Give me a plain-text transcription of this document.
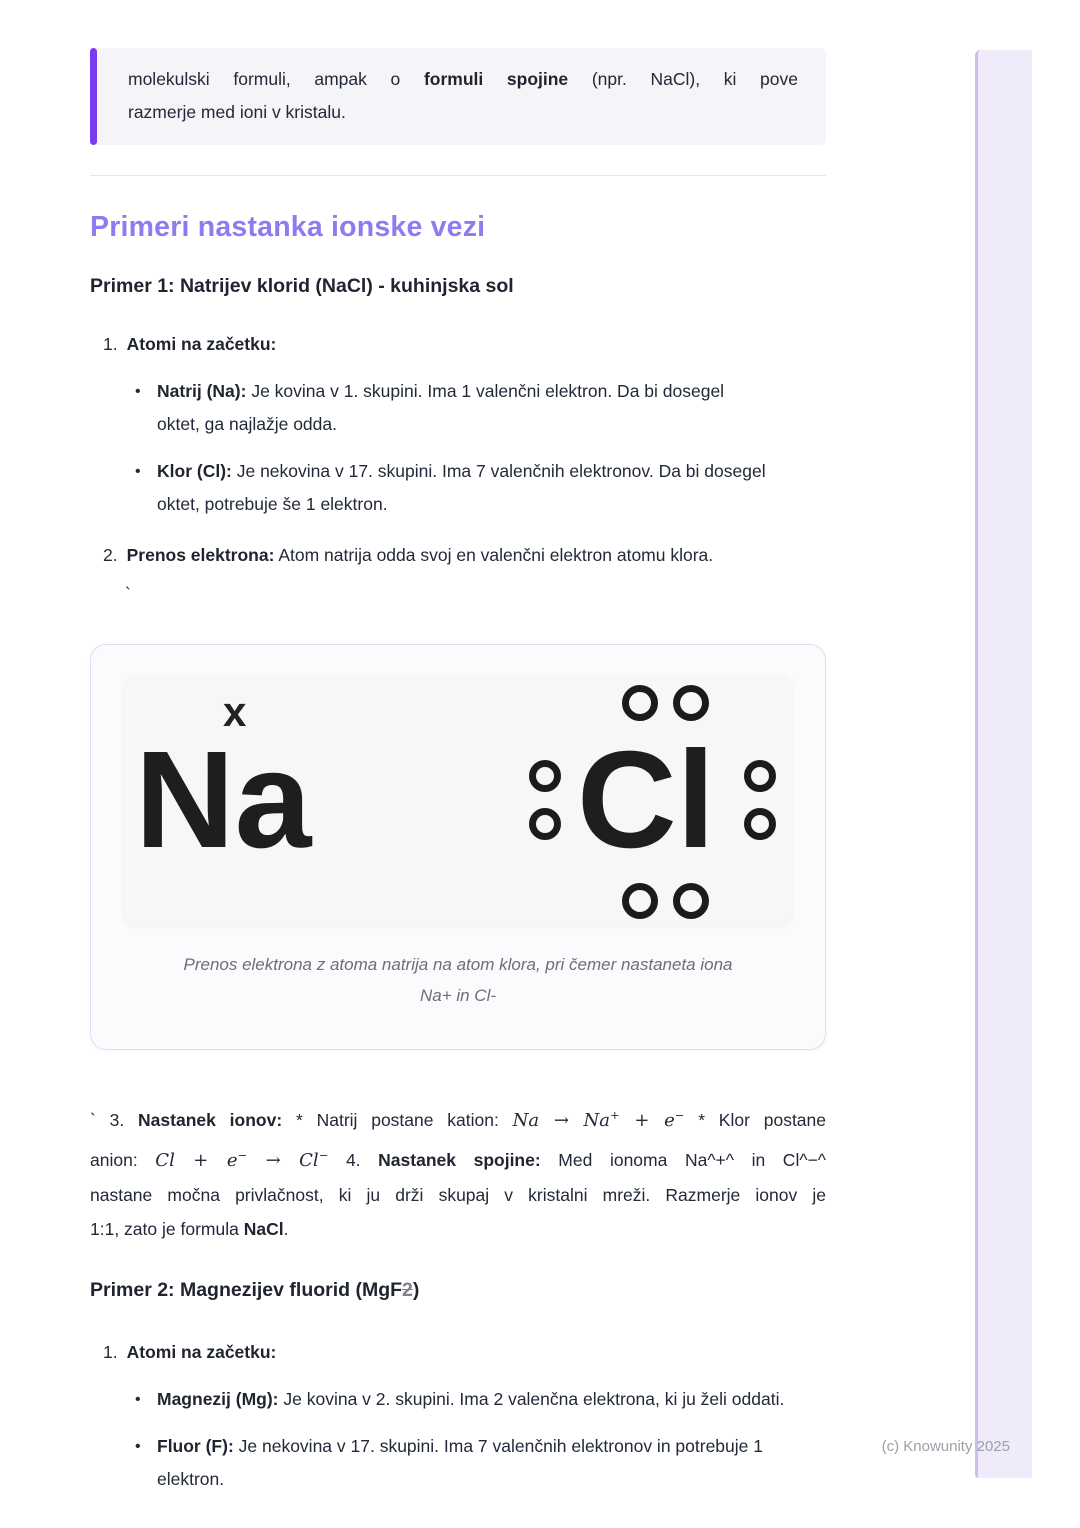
molekulski formuli, ampak o formuli spojine (npr. NaCl), ki pove
razmerje med ioni v kristalu.
Primeri nastanka ionske vezi
Primer 1: Natrijev klorid (NaCl) - kuhinjska sol
1. Atomi na začetku:
• Natrij (Na): Je kovina v 1. skupini. Ima 1 valenčni elektron. Da bi dosegel oktet, ga najlažje odda.

• Klor (Cl): Je nekovina v 17. skupini. Ima 7 valenčnih elektronov. Da bi dosegel oktet, potrebuje še 1 elektron.

2. Prenos elektrona: Atom natrija odda svoj en valenčni elektron atomu klora.

`
x
Na Cl
Prenos elektrona z atoma natrija na atom klora, pri čemer nastaneta iona
Na+ in Cl-
` 3. Nastanek ionov: * Natrij postane kation: Na → Na+ + e− * Klor postane
anion: Cl + e− → Cl− 4. Nastanek spojine: Med ionoma Na^+^ in Cl^−^
nastane močna privlačnost, ki ju drži skupaj v kristalni mreži. Razmerje ionov je
1:1, zato je formula NaCl.
Primer 2: Magnezijev fluorid (MgF2)
1. Atomi na začetku:
• Magnezij (Mg): Je kovina v 2. skupini. Ima 2 valenčna elektrona, ki ju želi oddati.

• Fluor (F): Je nekovina v 17. skupini. Ima 7 valenčnih elektronov in potrebuje 1 elektron.

(c) Knowunity 2025
